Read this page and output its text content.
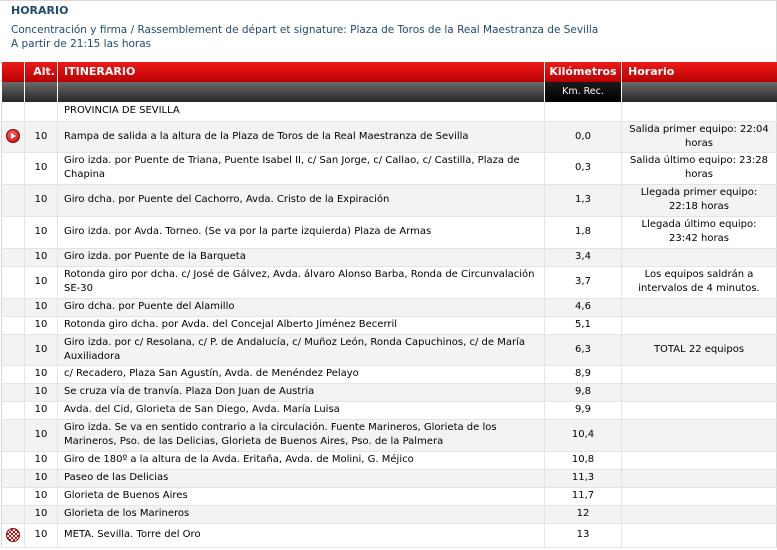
HORARIO
Concentración y firma / Rassemblement de départ et signature: Plaza de Toros de la Real Maestranza de Sevilla
A partir de 21:15 las horas
	Alt.	ITINERARIO	Kilómetros	Horario
			Km. Rec.	
		PROVINCIA DE SEVILLA		
	10	Rampa de salida a la altura de la Plaza de Toros de la Real Maestranza de Sevilla	0,0	Salida primer equipo: 22:04 horas
	10	Giro izda. por Puente de Triana, Puente Isabel II, c/ San Jorge, c/ Callao, c/ Castilla, Plaza de Chapina	0,3	Salida último equipo: 23:28 horas
	10	Giro dcha. por Puente del Cachorro, Avda. Cristo de la Expiración	1,3	Llegada primer equipo: 22:18 horas
	10	Giro izda. por Avda. Torneo. (Se va por la parte izquierda) Plaza de Armas	1,8	Llegada último equipo: 23:42 horas
	10	Giro izda. por Puente de la Barqueta	3,4	
	10	Rotonda giro por dcha. c/ José de Gálvez, Avda. álvaro Alonso Barba, Ronda de Circunvalación SE-30	3,7	Los equipos saldrán a intervalos de 4 minutos.
	10	Giro dcha. por Puente del Alamillo	4,6	
	10	Rotonda giro dcha. por Avda. del Concejal Alberto Jiménez Becerril	5,1	
	10	Giro izda. por c/ Resolana, c/ P. de Andalucía, c/ Muñoz León, Ronda Capuchinos, c/ de María Auxiliadora	6,3	TOTAL 22 equipos
	10	c/ Recadero, Plaza San Agustín, Avda. de Menéndez Pelayo	8,9	
	10	Se cruza vía de tranvía. Plaza Don Juan de Austria	9,8	
	10	Avda. del Cid, Glorieta de San Diego, Avda. María Luisa	9,9	
	10	Giro izda. Se va en sentido contrario a la circulación. Fuente Marineros, Glorieta de los Marineros, Pso. de las Delicias, Glorieta de Buenos Aires, Pso. de la Palmera	10,4	
	10	Giro de 180º a la altura de la Avda. Eritaña, Avda. de Molini, G. Méjico	10,8	
	10	Paseo de las Delicias	11,3	
	10	Glorieta de Buenos Aires	11,7	
	10	Glorieta de los Marineros	12	
	10	META. Sevilla. Torre del Oro	13	
